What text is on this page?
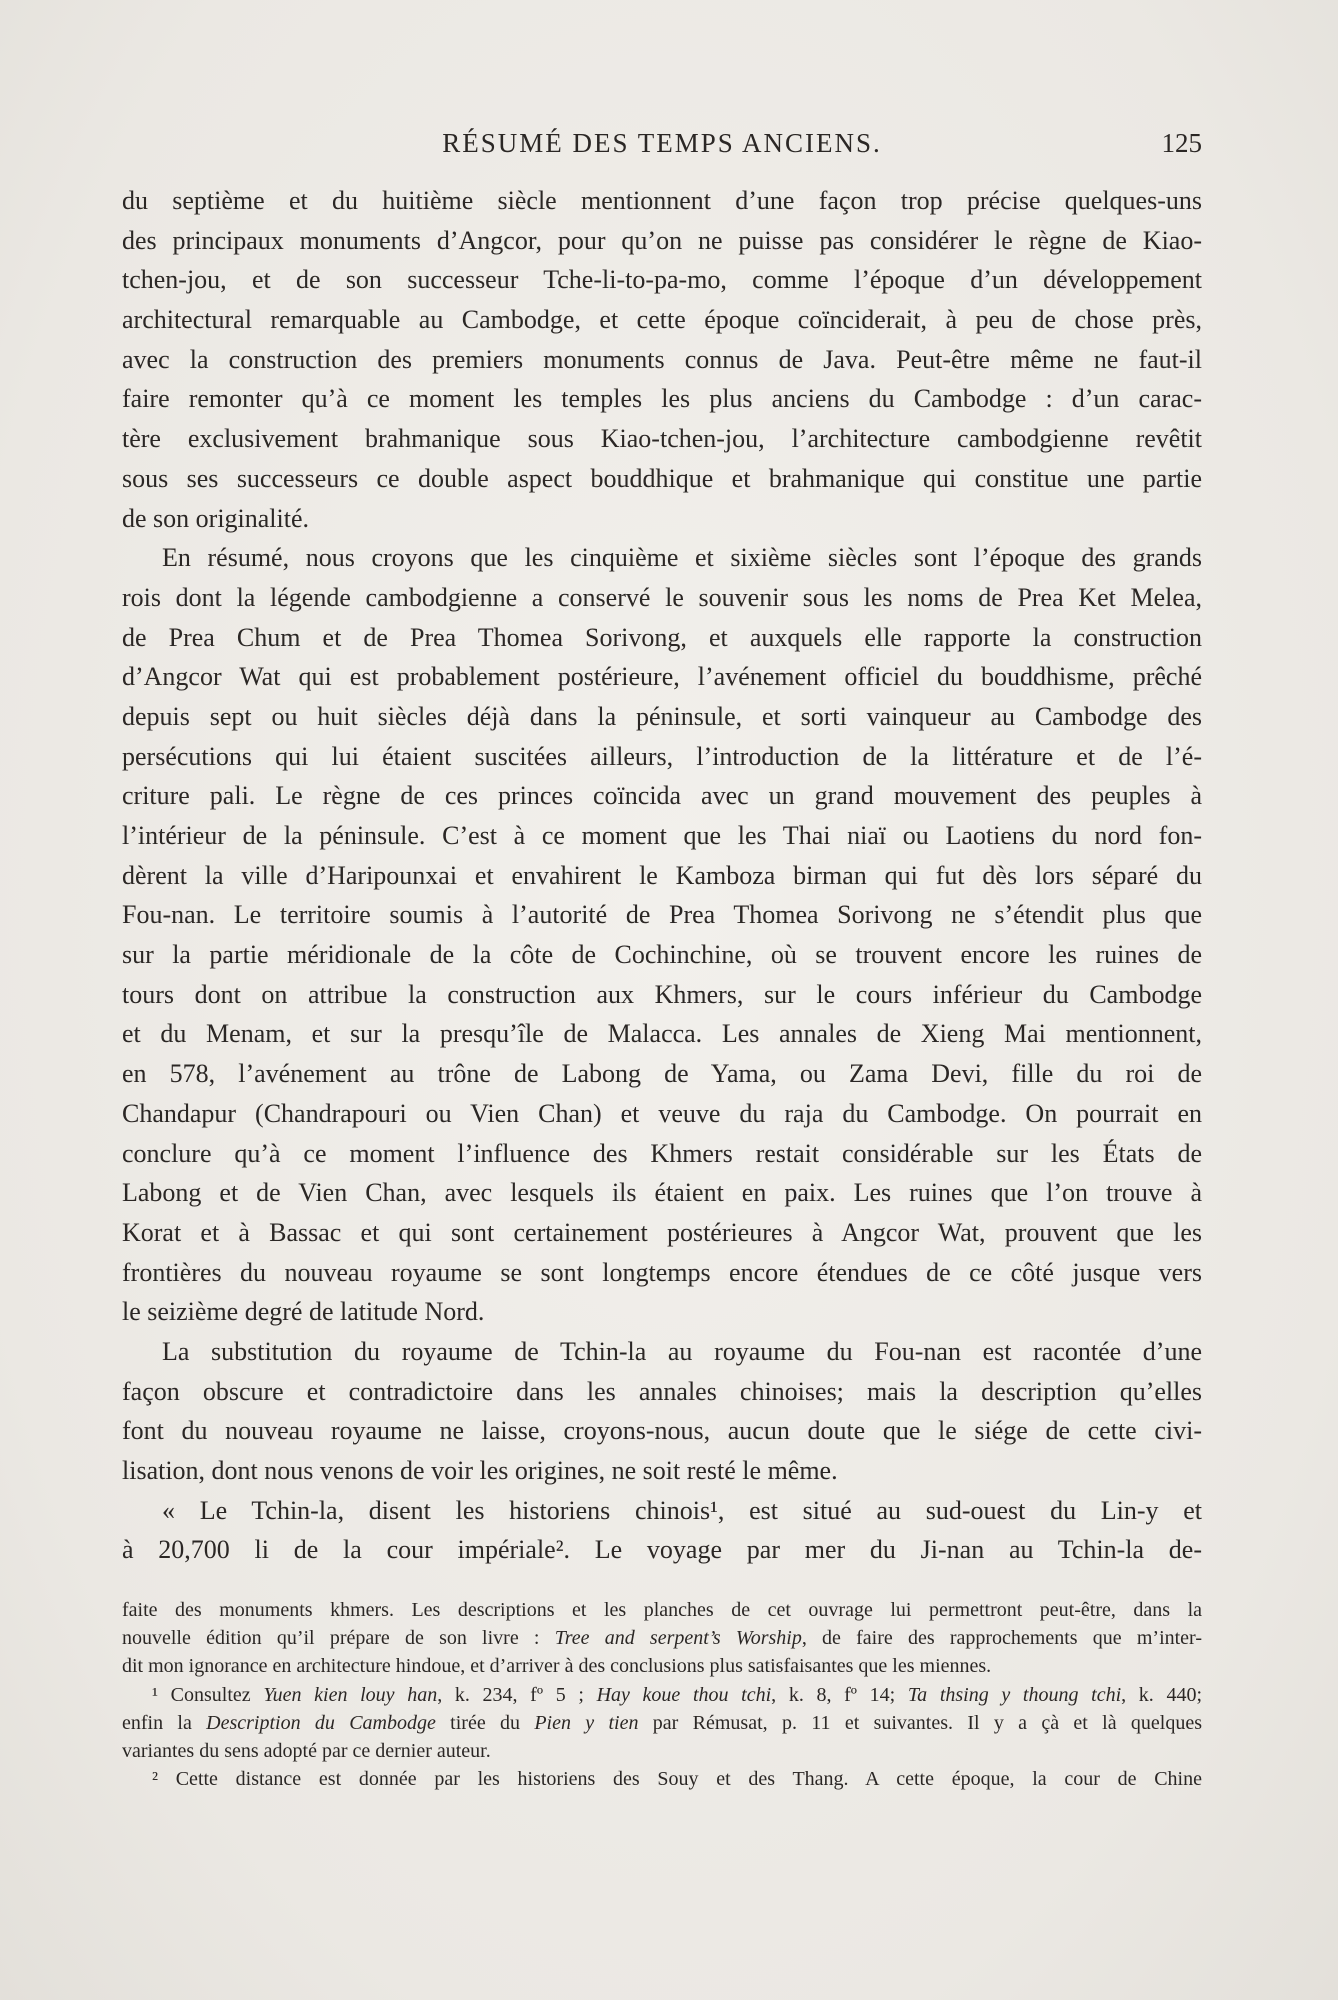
RÉSUMÉ DES TEMPS ANCIENS.	125
du septième et du huitième siècle mentionnent d’une façon trop précise quelques-uns
des principaux monuments d’Angcor, pour qu’on ne puisse pas considérer le règne de Kiao-
tchen-jou, et de son successeur Tche-li-to-pa-mo, comme l’époque d’un développement
architectural remarquable au Cambodge, et cette époque coïnciderait, à peu de chose près,
avec la construction des premiers monuments connus de Java. Peut-être même ne faut-il
faire remonter qu’à ce moment les temples les plus anciens du Cambodge : d’un carac-
tère exclusivement brahmanique sous Kiao-tchen-jou, l’architecture cambodgienne revêtit
sous ses successeurs ce double aspect bouddhique et brahmanique qui constitue une partie
de son originalité.
En résumé, nous croyons que les cinquième et sixième siècles sont l’époque des grands
rois dont la légende cambodgienne a conservé le souvenir sous les noms de Prea Ket Melea,
de Prea Chum et de Prea Thomea Sorivong, et auxquels elle rapporte la construction
d’Angcor Wat qui est probablement postérieure, l’avénement officiel du bouddhisme, prêché
depuis sept ou huit siècles déjà dans la péninsule, et sorti vainqueur au Cambodge des
persécutions qui lui étaient suscitées ailleurs, l’introduction de la littérature et de l’é-
criture pali. Le règne de ces princes coïncida avec un grand mouvement des peuples à
l’intérieur de la péninsule. C’est à ce moment que les Thai niaï ou Laotiens du nord fon-
dèrent la ville d’Haripounxai et envahirent le Kamboza birman qui fut dès lors séparé du
Fou-nan. Le territoire soumis à l’autorité de Prea Thomea Sorivong ne s’étendit plus que
sur la partie méridionale de la côte de Cochinchine, où se trouvent encore les ruines de
tours dont on attribue la construction aux Khmers, sur le cours inférieur du Cambodge
et du Menam, et sur la presqu’île de Malacca. Les annales de Xieng Mai mentionnent,
en 578, l’avénement au trône de Labong de Yama, ou Zama Devi, fille du roi de
Chandapur (Chandrapouri ou Vien Chan) et veuve du raja du Cambodge. On pourrait en
conclure qu’à ce moment l’influence des Khmers restait considérable sur les États de
Labong et de Vien Chan, avec lesquels ils étaient en paix. Les ruines que l’on trouve à
Korat et à Bassac et qui sont certainement postérieures à Angcor Wat, prouvent que les
frontières du nouveau royaume se sont longtemps encore étendues de ce côté jusque vers
le seizième degré de latitude Nord.
La substitution du royaume de Tchin-la au royaume du Fou-nan est racontée d’une
façon obscure et contradictoire dans les annales chinoises; mais la description qu’elles
font du nouveau royaume ne laisse, croyons-nous, aucun doute que le siége de cette civi-
lisation, dont nous venons de voir les origines, ne soit resté le même.
« Le Tchin-la, disent les historiens chinois¹, est situé au sud-ouest du Lin-y et
à 20,700 li de la cour impériale². Le voyage par mer du Ji-nan au Tchin-la de-
faite des monuments khmers. Les descriptions et les planches de cet ouvrage lui permettront peut-être, dans la
nouvelle édition qu’il prépare de son livre : Tree and serpent’s Worship, de faire des rapprochements que m’inter-
dit mon ignorance en architecture hindoue, et d’arriver à des conclusions plus satisfaisantes que les miennes.
¹ Consultez Yuen kien louy han, k. 234, fº 5 ; Hay koue thou tchi, k. 8, fº 14; Ta thsing y thoung tchi, k. 440;
enfin la Description du Cambodge tirée du Pien y tien par Rémusat, p. 11 et suivantes. Il y a çà et là quelques
variantes du sens adopté par ce dernier auteur.
² Cette distance est donnée par les historiens des Souy et des Thang. A cette époque, la cour de Chine
